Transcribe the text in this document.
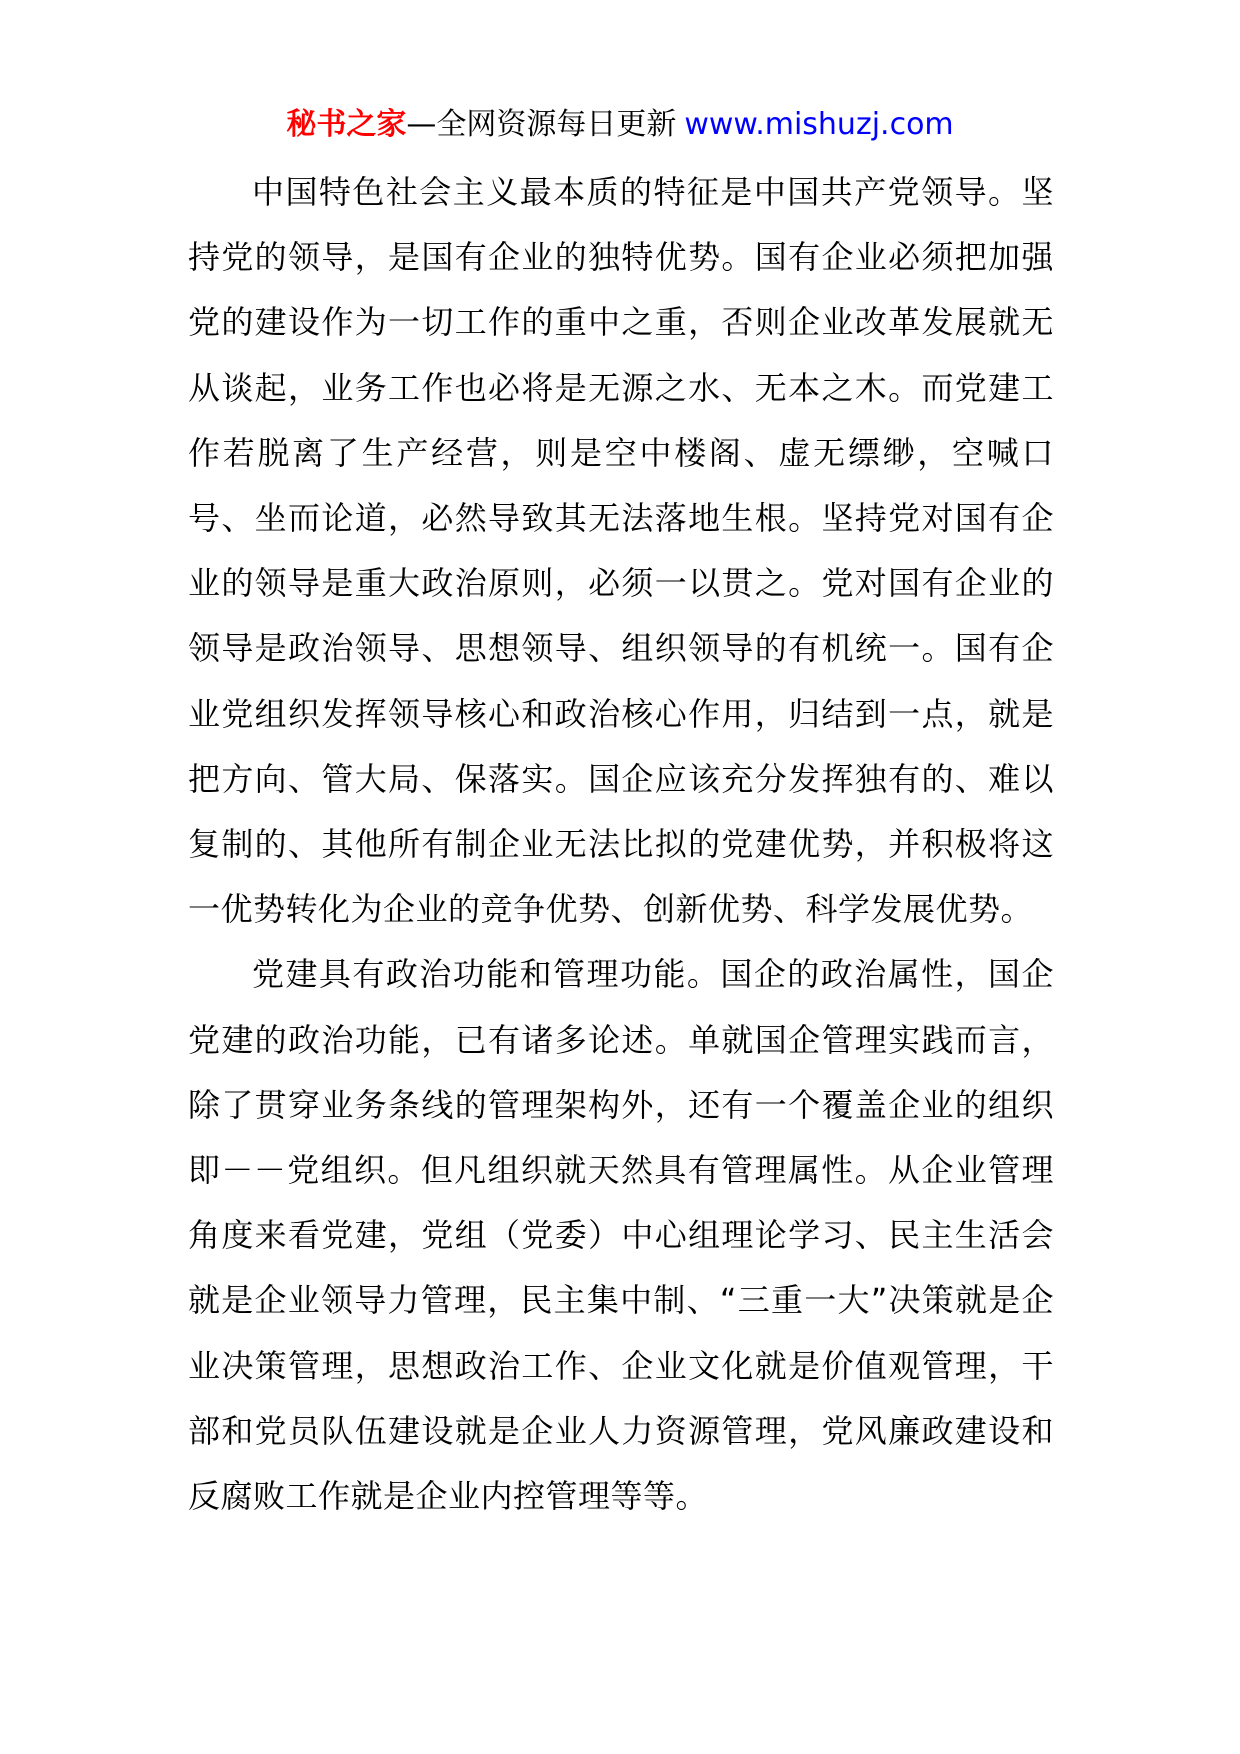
秘书之家—全网资源每日更新 www.mishuzj.com

中国特色社会主义最本质的特征是中国共产党领导。坚持党的领导，是国有企业的独特优势。国有企业必须把加强党的建设作为一切工作的重中之重，否则企业改革发展就无从谈起，业务工作也必将是无源之水、无本之木。而党建工作若脱离了生产经营，则是空中楼阁、虚无缥缈，空喊口号、坐而论道，必然导致其无法落地生根。坚持党对国有企业的领导是重大政治原则，必须一以贯之。党对国有企业的领导是政治领导、思想领导、组织领导的有机统一。国有企业党组织发挥领导核心和政治核心作用，归结到一点，就是把方向、管大局、保落实。国企应该充分发挥独有的、难以复制的、其他所有制企业无法比拟的党建优势，并积极将这一优势转化为企业的竞争优势、创新优势、科学发展优势。

党建具有政治功能和管理功能。国企的政治属性，国企党建的政治功能，已有诸多论述。单就国企管理实践而言，除了贯穿业务条线的管理架构外，还有一个覆盖企业的组织即－－党组织。但凡组织就天然具有管理属性。从企业管理角度来看党建，党组（党委）中心组理论学习、民主生活会就是企业领导力管理，民主集中制、“三重一大”决策就是企业决策管理，思想政治工作、企业文化就是价值观管理，干部和党员队伍建设就是企业人力资源管理，党风廉政建设和反腐败工作就是企业内控管理等等。
